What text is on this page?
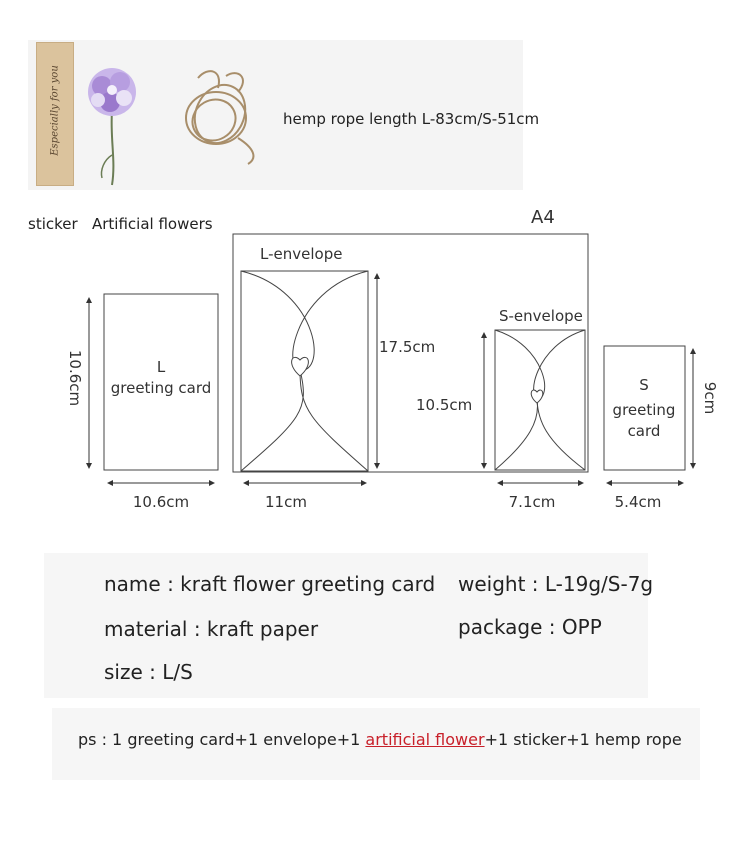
Especially for you	hemp rope length L-83cm/S-51cm
sticker Artificial flowers	A4
L-envelope
S-envelope
L
greeting card	S
greeting
card
10.6cm
10.6cm
17.5cm
11cm
10.5cm
7.1cm
9cm
5.4cm
name : kraft flower greeting card weight : L-19g/S-7g
material : kraft paper	package : OPP
size : L/S
ps : 1 greeting card+1 envelope+1 artificial flower+1 sticker+1 hemp rope
